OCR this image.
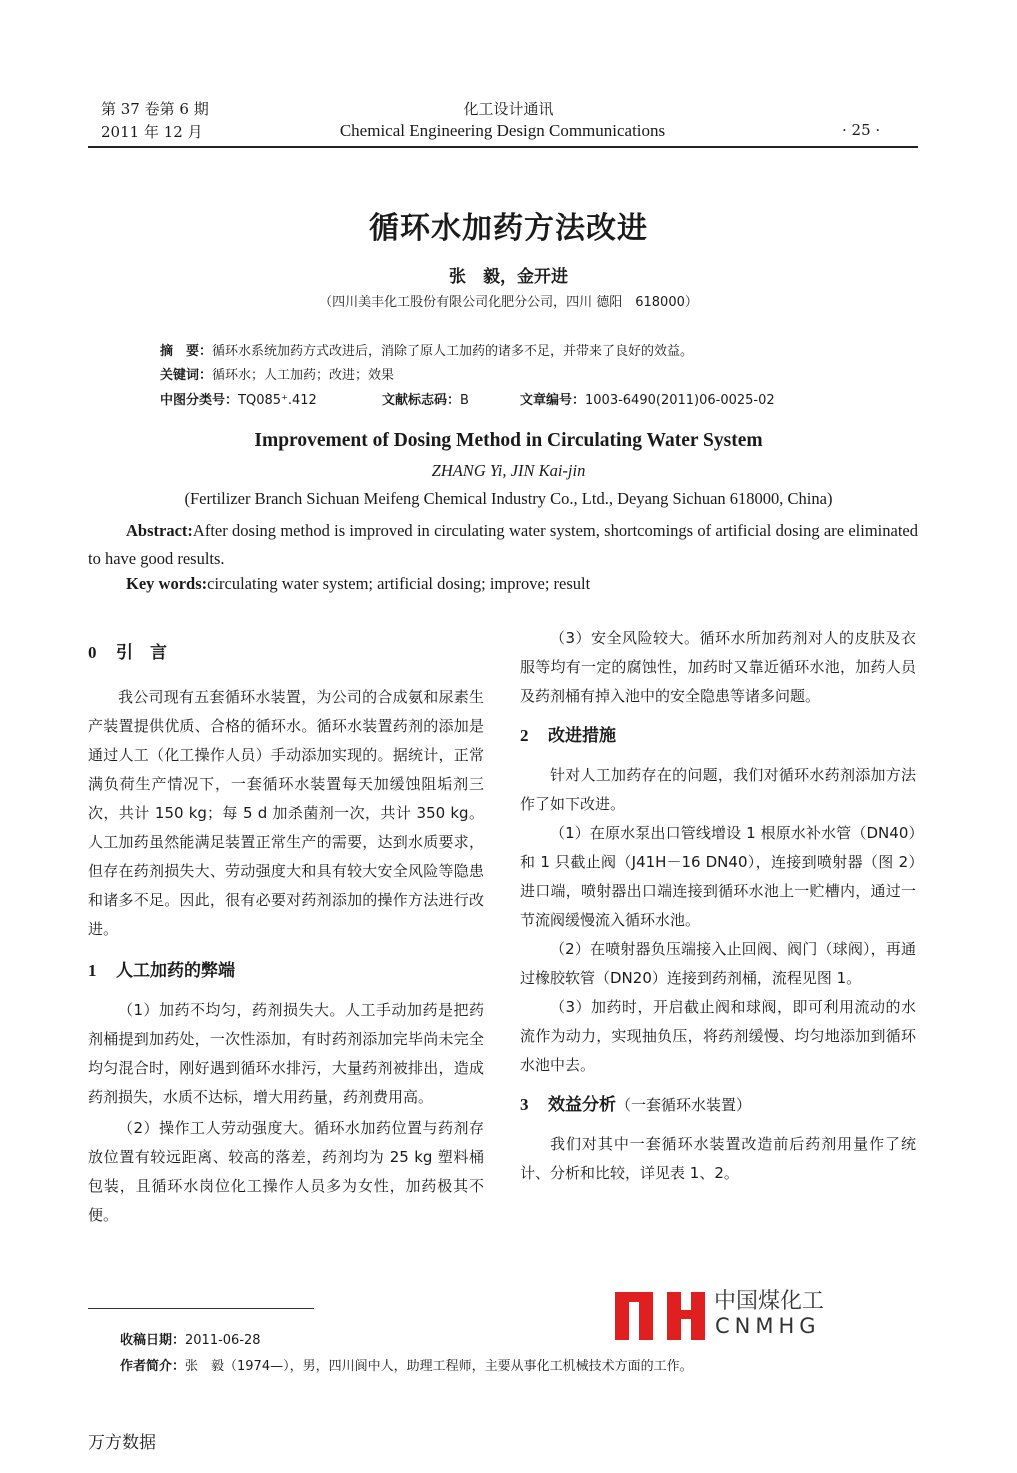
第 37 卷第 6 期
2011 年 12 月
化工设计通讯
Chemical Engineering Design Communications	· 25 ·
循环水加药方法改进
张　毅，金开进
（四川美丰化工股份有限公司化肥分公司，四川 德阳　618000）
摘　要：循环水系统加药方式改进后，消除了原人工加药的诸多不足，并带来了良好的效益。
关键词：循环水；人工加药；改进；效果
中图分类号：TQ085⁺.412	文献标志码：B	文章编号：1003-6490(2011)06-0025-02
Improvement of Dosing Method in Circulating Water System
ZHANG Yi, JIN Kai-jin
(Fertilizer Branch Sichuan Meifeng Chemical Industry Co., Ltd., Deyang Sichuan 618000, China)
Abstract:After dosing method is improved in circulating water system, shortcomings of artificial dosing are eliminated to have good results.
Key words:circulating water system; artificial dosing; improve; result
0 引　言

我公司现有五套循环水装置，为公司的合成氨和尿素生产装置提供优质、合格的循环水。循环水装置药剂的添加是通过人工（化工操作人员）手动添加实现的。据统计，正常满负荷生产情况下，一套循环水装置每天加缓蚀阻垢剂三次，共计 150 kg；每 5 d 加杀菌剂一次，共计 350 kg。人工加药虽然能满足装置正常生产的需要，达到水质要求，但存在药剂损失大、劳动强度大和具有较大安全风险等隐患和诸多不足。因此，很有必要对药剂添加的操作方法进行改进。

1 人工加药的弊端

（1）加药不均匀，药剂损失大。人工手动加药是把药剂桶提到加药处，一次性添加，有时药剂添加完毕尚未完全均匀混合时，刚好遇到循环水排污，大量药剂被排出，造成药剂损失，水质不达标，增大用药量，药剂费用高。

（2）操作工人劳动强度大。循环水加药位置与药剂存放位置有较远距离、较高的落差，药剂均为 25 kg 塑料桶包装，且循环水岗位化工操作人员多为女性，加药极其不便。

（3）安全风险较大。循环水所加药剂对人的皮肤及衣服等均有一定的腐蚀性，加药时又靠近循环水池，加药人员及药剂桶有掉入池中的安全隐患等诸多问题。

2 改进措施

针对人工加药存在的问题，我们对循环水药剂添加方法作了如下改进。

（1）在原水泵出口管线增设 1 根原水补水管（DN40）和 1 只截止阀（J41H－16 DN40），连接到喷射器（图 2）进口端，喷射器出口端连接到循环水池上一贮槽内，通过一节流阀缓慢流入循环水池。

（2）在喷射器负压端接入止回阀、阀门（球阀），再通过橡胶软管（DN20）连接到药剂桶，流程见图 1。

（3）加药时，开启截止阀和球阀，即可利用流动的水流作为动力，实现抽负压，将药剂缓慢、均匀地添加到循环水池中去。

3 效益分析（一套循环水装置）

我们对其中一套循环水装置改造前后药剂用量作了统计、分析和比较，详见表 1、2。

中国煤化工
CNMHG
收稿日期：2011-06-28
作者简介：张　毅（1974—），男，四川阆中人，助理工程师，主要从事化工机械技术方面的工作。
万方数据
